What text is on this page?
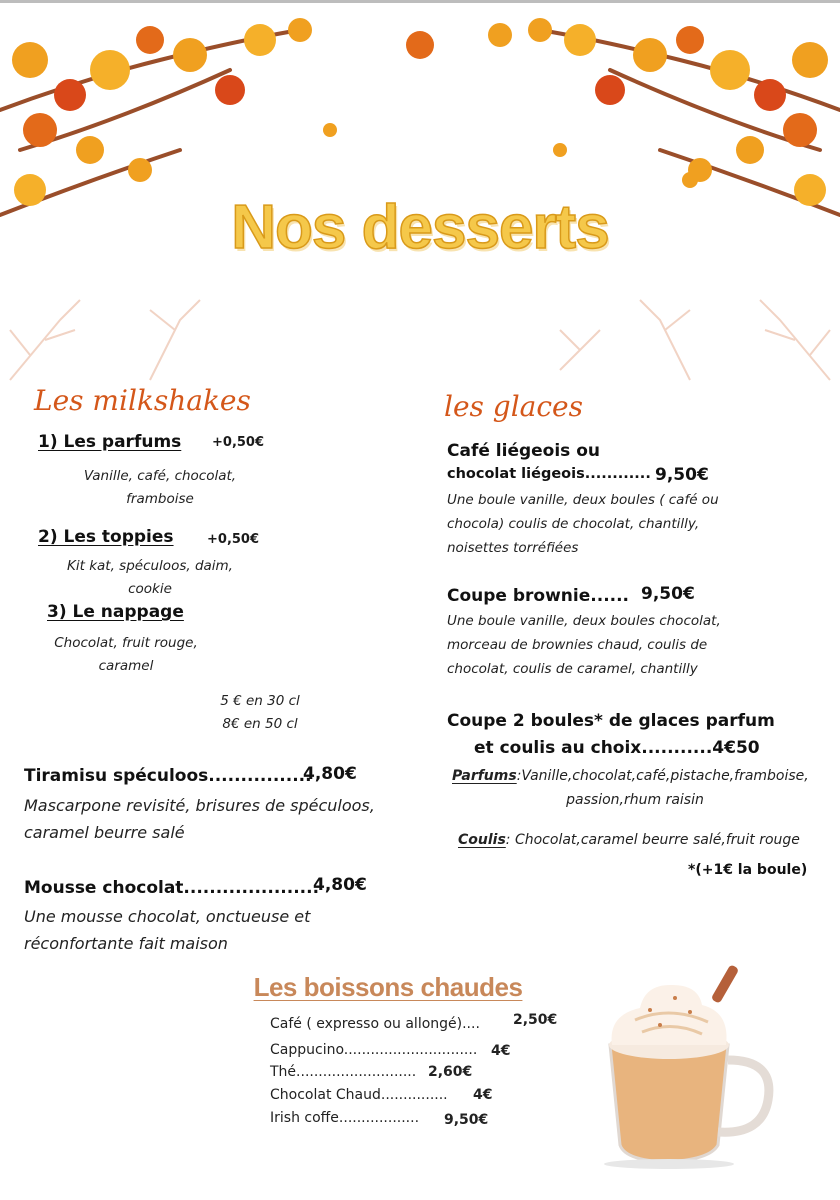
Nos desserts
Les milkshakes
1) Les parfums +0,50€
Vanille, café, chocolat,
framboise
2) Les toppies	+0,50€
Kit kat, spéculoos, daim,
cookie
3) Le nappage
Chocolat, fruit rouge,
caramel
5 € en 30 cl
8€ en 50 cl
Tiramisu spéculoos................
4,80€
Mascarpone revisité, brisures de spéculoos,
caramel beurre salé
Mousse chocolat.....................
4,80€
Une mousse chocolat, onctueuse et
réconfortante fait maison
les glaces
Café liégeois ou
chocolat liégeois............ 9,50€
Une boule vanille, deux boules ( café ou
chocola) coulis de chocolat, chantilly,
noisettes torréfiées
Coupe brownie...... 9,50€
Une boule vanille, deux boules chocolat,
morceau de brownies chaud, coulis de
chocolat, coulis de caramel, chantilly
Coupe 2 boules* de glaces parfum
et coulis au choix...........4€50
Parfums:Vanille,chocolat,café,pistache,framboise,
passion,rhum raisin
Coulis: Chocolat,caramel beurre salé,fruit rouge
*(+1€ la boule)
Les boissons chaudes
Café ( expresso ou allongé).... 2,50€
Cappucino.............................. 4€
Thé........................... 2,60€
Chocolat Chaud............... 4€
Irish coffe.................. 9,50€
